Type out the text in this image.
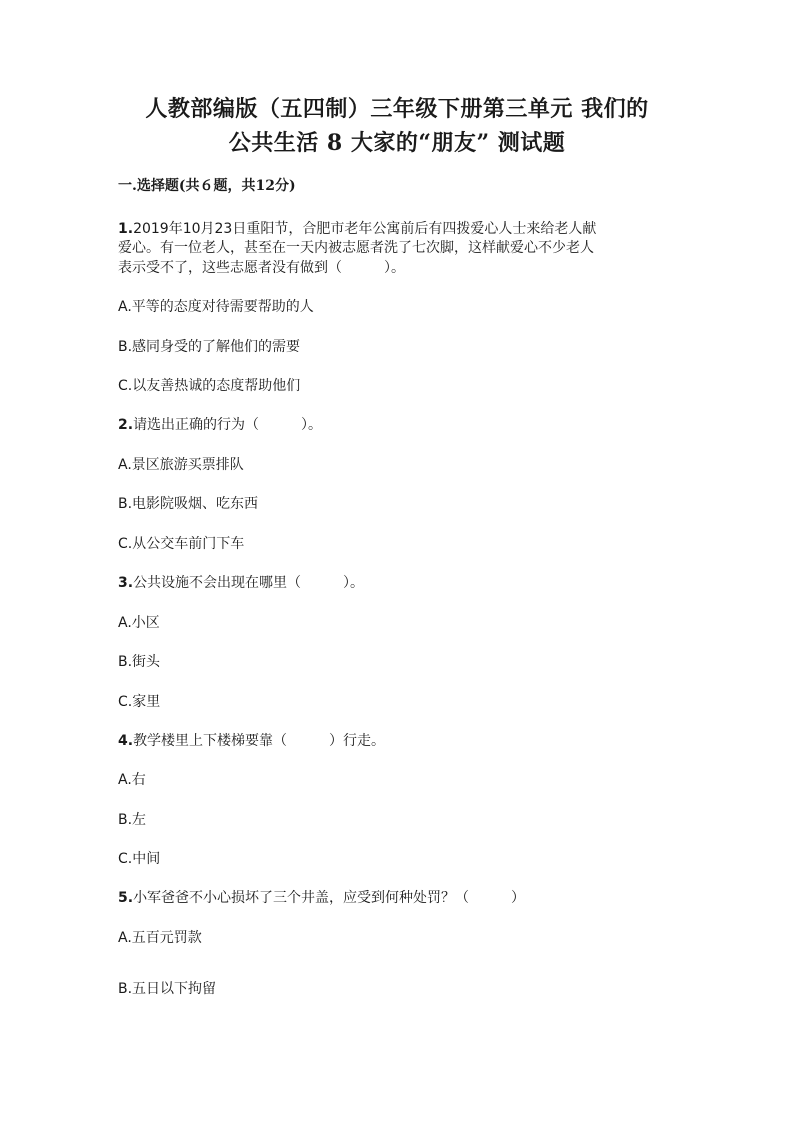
人教部编版（五四制）三年级下册第三单元 我们的
公共生活 8 大家的“朋友” 测试题
一.选择题(共６题，共12分)

1.2019年10月23日重阳节，合肥市老年公寓前后有四拨爱心人士来给老人献

爱心。有一位老人，甚至在一天内被志愿者洗了七次脚，这样献爱心不少老人

表示受不了，这些志愿者没有做到（　　　）。

A.平等的态度对待需要帮助的人

B.感同身受的了解他们的需要

C.以友善热诚的态度帮助他们

2.请选出正确的行为（　　　）。

A.景区旅游买票排队

B.电影院吸烟、吃东西

C.从公交车前门下车

3.公共设施不会出现在哪里（　　　）。

A.小区

B.街头

C.家里

4.教学楼里上下楼梯要靠（　　　）行走。

A.右

B.左

C.中间

5.小军爸爸不小心损坏了三个井盖，应受到何种处罚？（　　　）

A.五百元罚款

B.五日以下拘留
